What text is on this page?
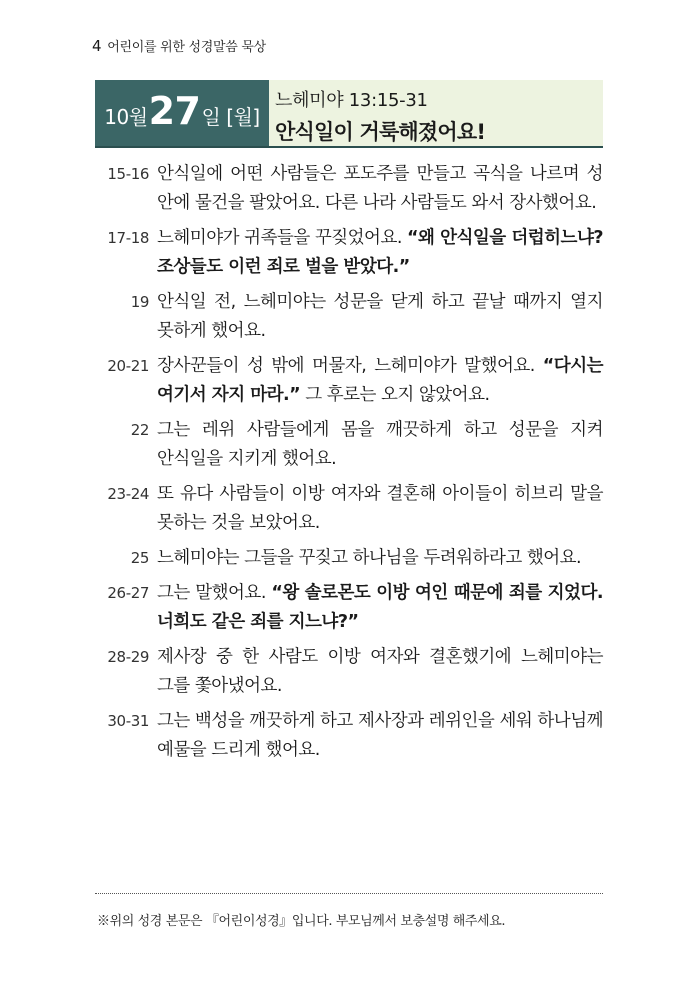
4 어린이를 위한 성경말씀 묵상
10월 27 일 [월]
느헤미야 13:15-31
안식일이 거룩해졌어요!
15-16 안식일에 어떤 사람들은 포도주를 만들고 곡식을 나르며 성 안에 물건을 팔았어요. 다른 나라 사람들도 와서 장사했어요.
17-18 느헤미야가 귀족들을 꾸짖었어요. “왜 안식일을 더럽히느냐? 조상들도 이런 죄로 벌을 받았다.”
19 안식일 전, 느헤미야는 성문을 닫게 하고 끝날 때까지 열지 못하게 했어요.
20-21 장사꾼들이 성 밖에 머물자, 느헤미야가 말했어요. “다시는 여기서 자지 마라.” 그 후로는 오지 않았어요.
22 그는 레위 사람들에게 몸을 깨끗하게 하고 성문을 지켜 안식일을 지키게 했어요.
23-24 또 유다 사람들이 이방 여자와 결혼해 아이들이 히브리 말을 못하는 것을 보았어요.
25 느헤미야는 그들을 꾸짖고 하나님을 두려워하라고 했어요.
26-27 그는 말했어요. “왕 솔로몬도 이방 여인 때문에 죄를 지었다. 너희도 같은 죄를 지느냐?”
28-29 제사장 중 한 사람도 이방 여자와 결혼했기에 느헤미야는 그를 쫓아냈어요.
30-31 그는 백성을 깨끗하게 하고 제사장과 레위인을 세워 하나님께 예물을 드리게 했어요.
※위의 성경 본문은 『어린이성경』입니다. 부모님께서 보충설명 해주세요.
